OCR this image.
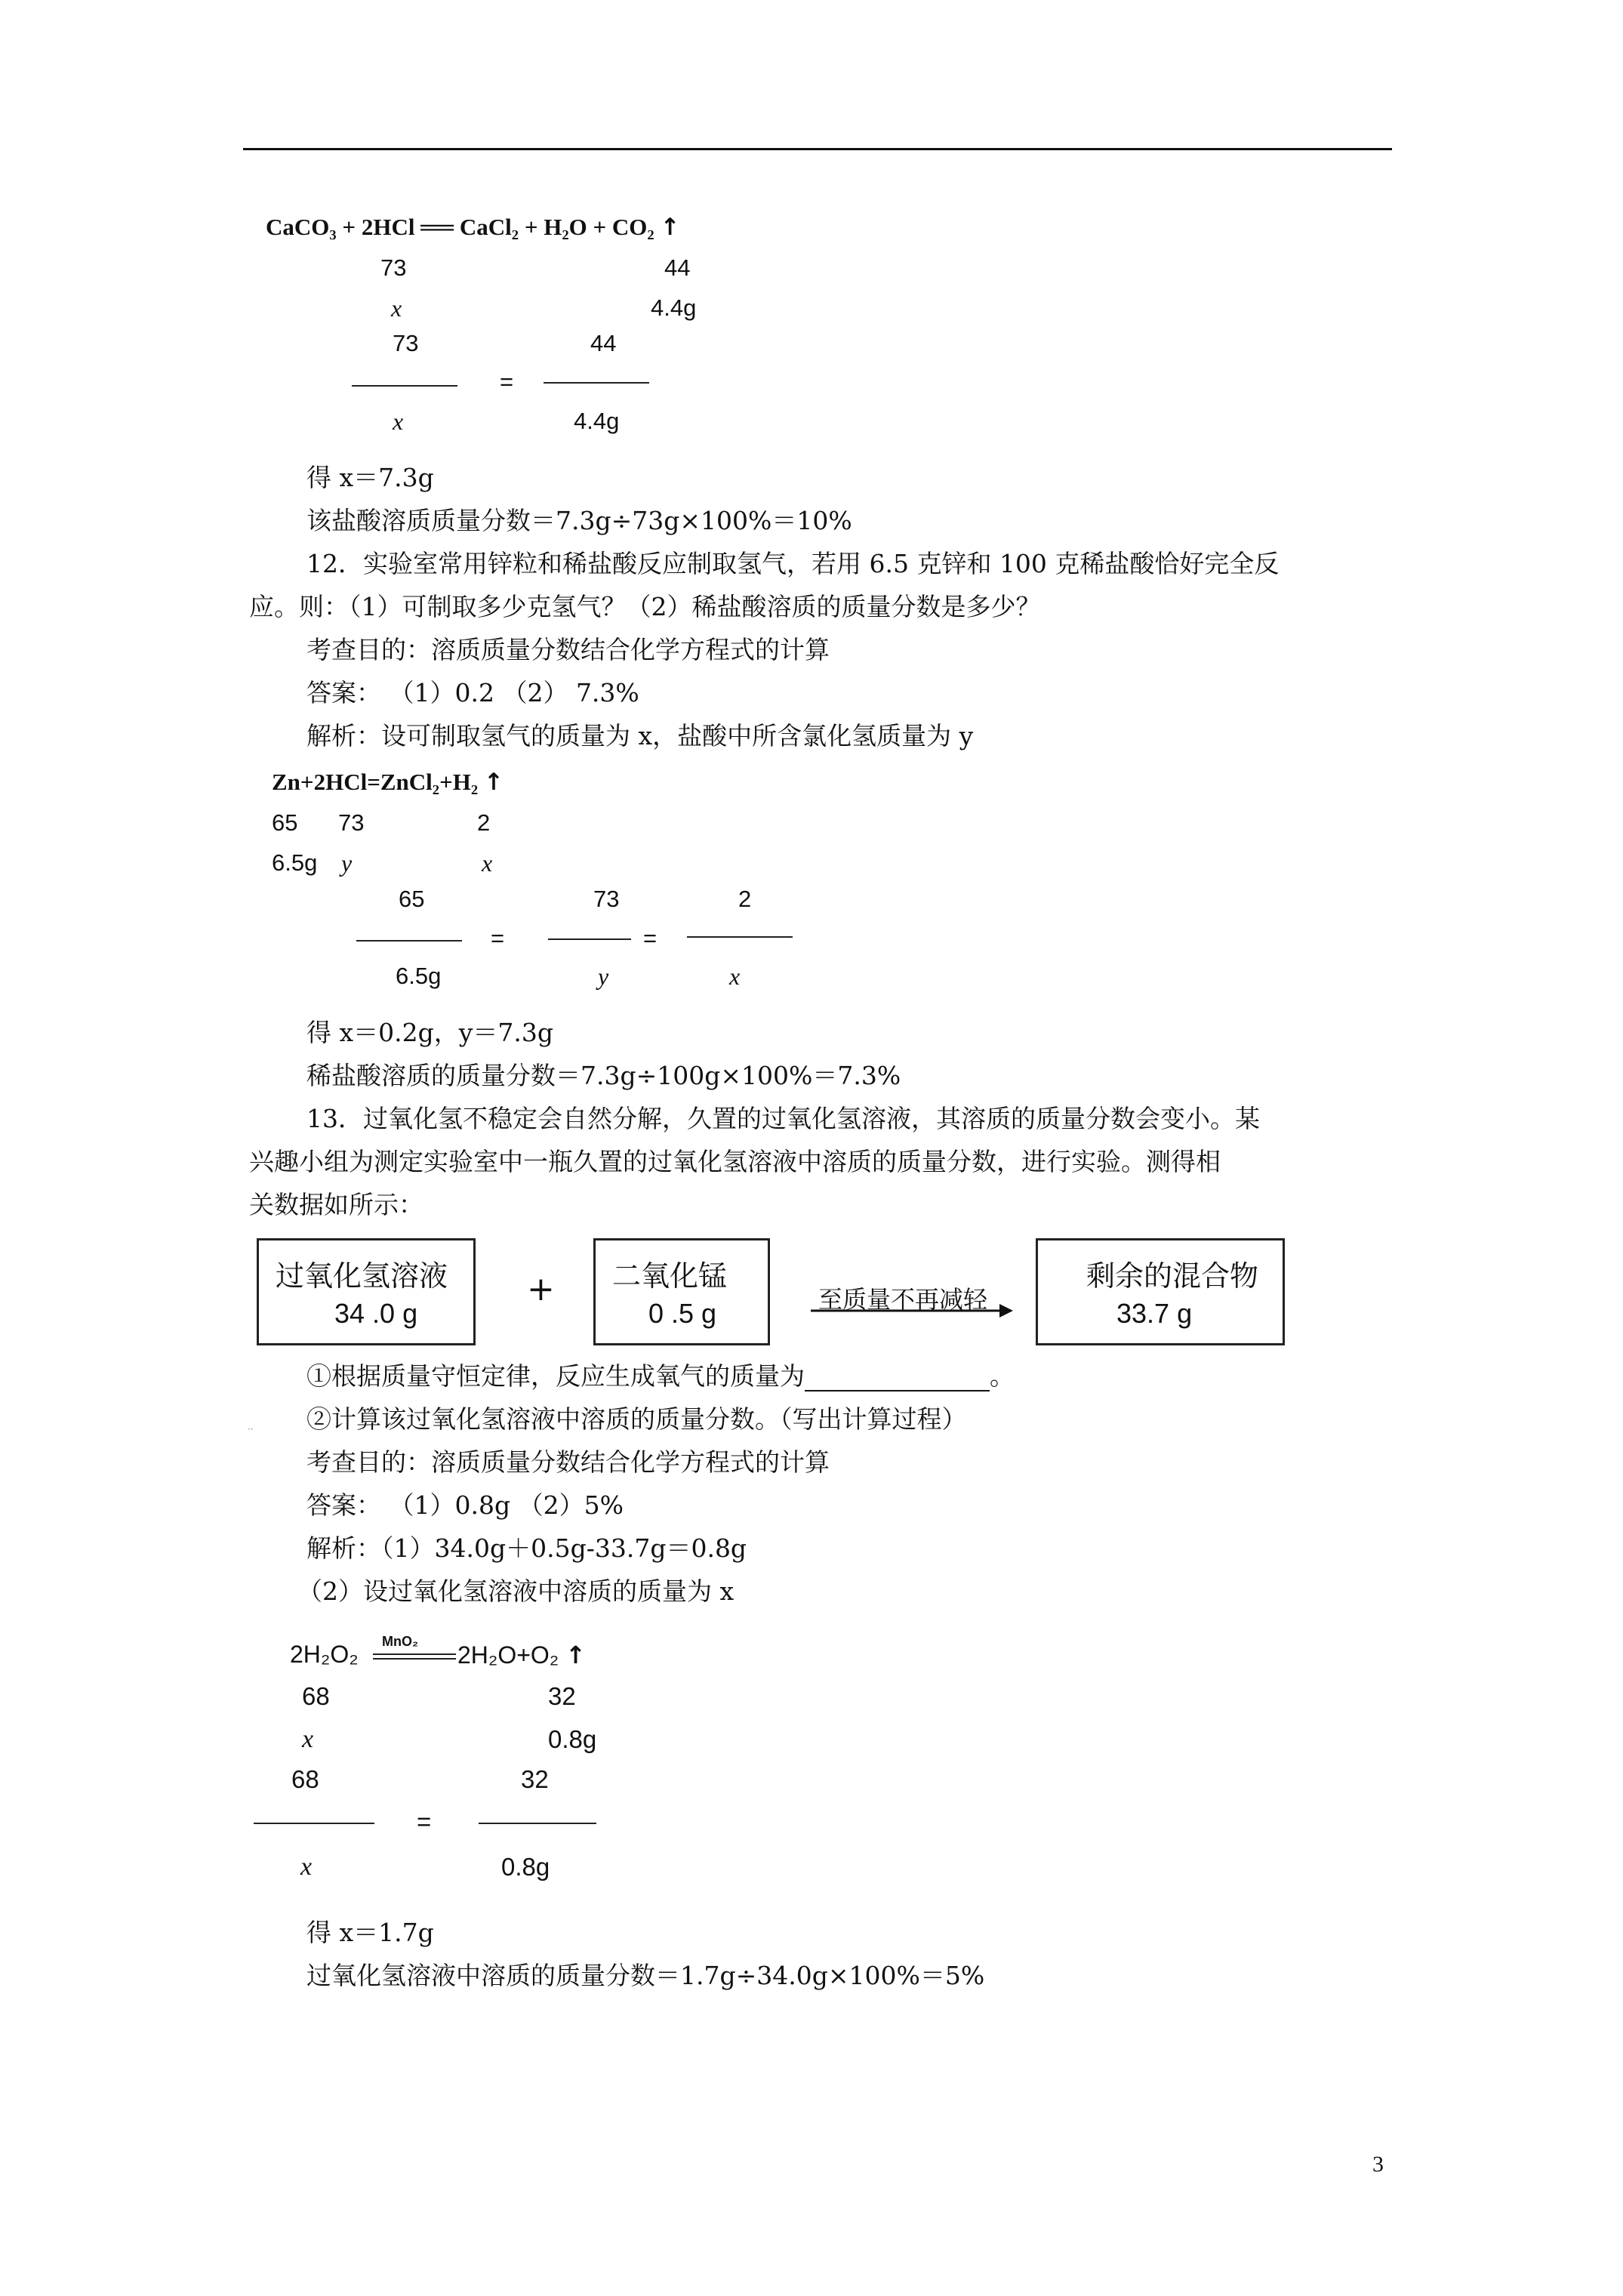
CaCO₃ + 2HCl ══ CaCl₂ + H₂O + CO₂ ↑
73	44
x	4.4g
73
x
=
44
4.4g
得 x＝7.3g
该盐酸溶质质量分数＝7.3g÷73g×100%＝10%
12．实验室常用锌粒和稀盐酸反应制取氢气，若用 6.5 克锌和 100 克稀盐酸恰好完全反
应。则：（1）可制取多少克氢气？（2）稀盐酸溶质的质量分数是多少？
考查目的：溶质质量分数结合化学方程式的计算
答案： （1）0.2 （2） 7.3%
解析：设可制取氢气的质量为 x，盐酸中所含氯化氢质量为 y
Zn+2HCl=ZnCl₂+H₂ ↑
65 73	2
6.5g y	x
65
6.5g
=
73
y
=
2
x
得 x＝0.2g，y＝7.3g
稀盐酸溶质的质量分数＝7.3g÷100g×100%＝7.3%
13．过氧化氢不稳定会自然分解，久置的过氧化氢溶液，其溶质的质量分数会变小。某
兴趣小组为测定实验室中一瓶久置的过氧化氢溶液中溶质的质量分数，进行实验。测得相
关数据如所示：
过氧化氢溶液
34 .0 g
+ 二氧化锰
0 .5 g	至质量不再减轻
剩余的混合物
33.7 g
①根据质量守恒定律，反应生成氧气的质量为	。
·· ②计算该过氧化氢溶液中溶质的质量分数。（写出计算过程）
考查目的：溶质质量分数结合化学方程式的计算
答案： （1）0.8g （2）5%
解析：（1）34.0g＋0.5g-33.7g＝0.8g
（2）设过氧化氢溶液中溶质的质量为 x
2H₂O₂ MnO₂ 2H₂O+O₂ ↑
68	32
x	0.8g
68
x
=
32
0.8g
得 x＝1.7g
过氧化氢溶液中溶质的质量分数＝1.7g÷34.0g×100%＝5%
3
